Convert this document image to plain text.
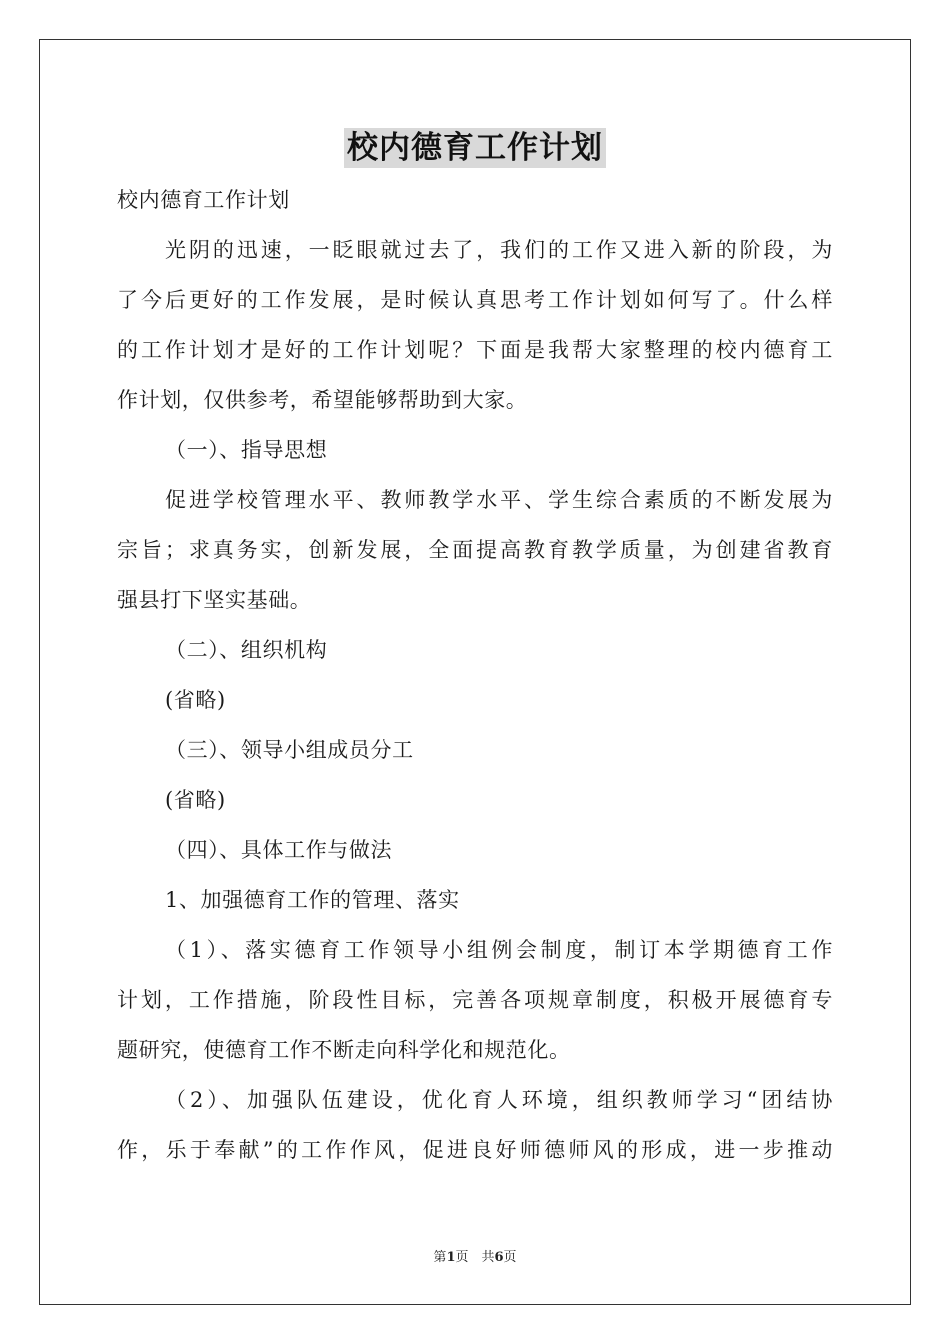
校内德育工作计划
校内德育工作计划
光阴的迅速，一眨眼就过去了，我们的工作又进入新的阶段，为
了今后更好的工作发展，是时候认真思考工作计划如何写了。什么样
的工作计划才是好的工作计划呢？下面是我帮大家整理的校内德育工
作计划，仅供参考，希望能够帮助到大家。
（一）、指导思想
促进学校管理水平、教师教学水平、学生综合素质的不断发展为
宗旨；求真务实，创新发展，全面提高教育教学质量，为创建省教育
强县打下坚实基础。
（二）、组织机构
(省略)
（三）、领导小组成员分工
(省略)
（四）、具体工作与做法
1、加强德育工作的管理、落实
（1）、落实德育工作领导小组例会制度，制订本学期德育工作
计划，工作措施，阶段性目标，完善各项规章制度，积极开展德育专
题研究，使德育工作不断走向科学化和规范化。
（2）、加强队伍建设，优化育人环境，组织教师学习“团结协
作，乐于奉献”的工作作风，促进良好师德师风的形成，进一步推动
第1页　共6页
